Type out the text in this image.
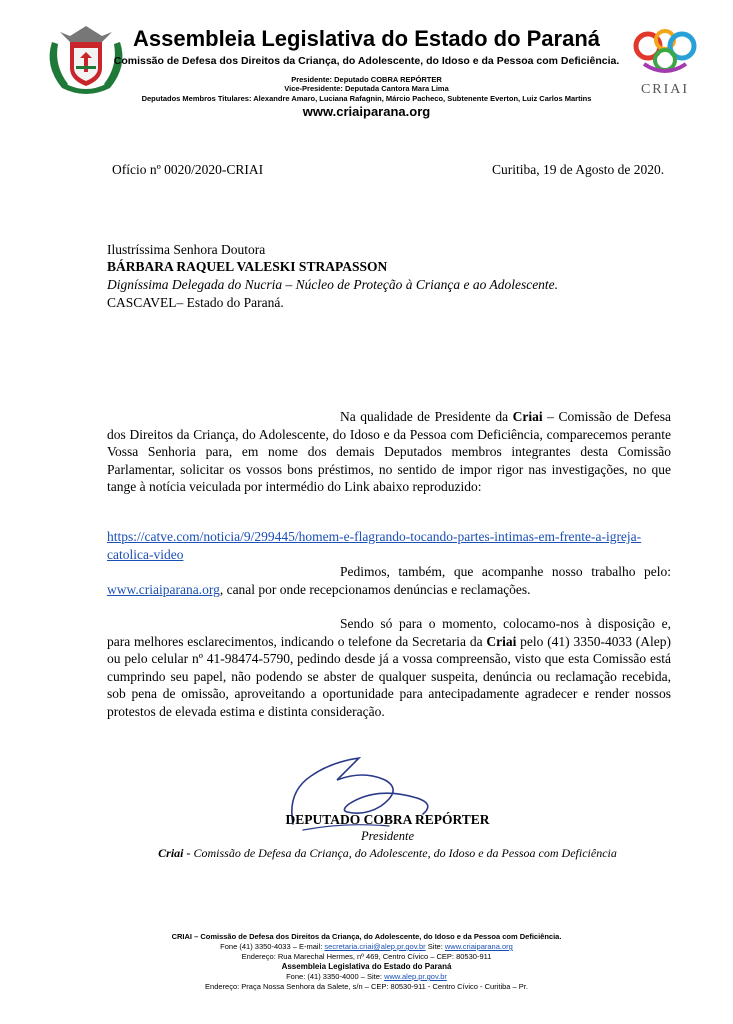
Assembleia Legislativa do Estado do Paraná
Comissão de Defesa dos Direitos da Criança, do Adolescente, do Idoso e da Pessoa com Deficiência.
Presidente: Deputado COBRA REPÓRTER
Vice-Presidente: Deputada Cantora Mara Lima
Deputados Membros Titulares: Alexandre Amaro, Luciana Rafagnin, Márcio Pacheco, Subtenente Everton, Luiz Carlos Martins
www.criaiparana.org
CRIAI
Ofício nº 0020/2020-CRIAI	Curitiba, 19 de Agosto de 2020.
Ilustríssima Senhora Doutora
BÁRBARA RAQUEL VALESKI STRAPASSON
Digníssima Delegada do Nucria – Núcleo de Proteção à Criança e ao Adolescente.
CASCAVEL– Estado do Paraná.
Na qualidade de Presidente da Criai – Comissão de Defesa dos Direitos da Criança, do Adolescente, do Idoso e da Pessoa com Deficiência, comparecemos perante Vossa Senhoria para, em nome dos demais Deputados membros integrantes desta Comissão Parlamentar, solicitar os vossos bons préstimos, no sentido de impor rigor nas investigações, no que tange à notícia veiculada por intermédio do Link abaixo reproduzido:
https://catve.com/noticia/9/299445/homem-e-flagrando-tocando-partes-intimas-em-frente-a-igreja-catolica-video
Pedimos, também, que acompanhe nosso trabalho pelo: www.criaiparana.org, canal por onde recepcionamos denúncias e reclamações.
Sendo só para o momento, colocamo-nos à disposição e, para melhores esclarecimentos, indicando o telefone da Secretaria da Criai pelo (41) 3350-4033 (Alep) ou pelo celular nº 41-98474-5790, pedindo desde já a vossa compreensão, visto que esta Comissão está cumprindo seu papel, não podendo se abster de qualquer suspeita, denúncia ou reclamação recebida, sob pena de omissão, aproveitando a oportunidade para antecipadamente agradecer e render nossos protestos de elevada estima e distinta consideração.
DEPUTADO COBRA REPÓRTER
Presidente
Criai - Comissão de Defesa da Criança, do Adolescente, do Idoso e da Pessoa com Deficiência
CRIAI – Comissão de Defesa dos Direitos da Criança, do Adolescente, do Idoso e da Pessoa com Deficiência.
Fone (41) 3350-4033 – E-mail: secretaria.criai@alep.pr.gov.br Site: www.criaiparana.org
Endereço: Rua Marechal Hermes, nº 469, Centro Cívico – CEP: 80530-911
Assembleia Legislativa do Estado do Paraná
Fone: (41) 3350-4000 – Site: www.alep.pr.gov.br
Endereço: Praça Nossa Senhora da Salete, s/n – CEP: 80530-911 - Centro Cívico - Curitiba – Pr.
